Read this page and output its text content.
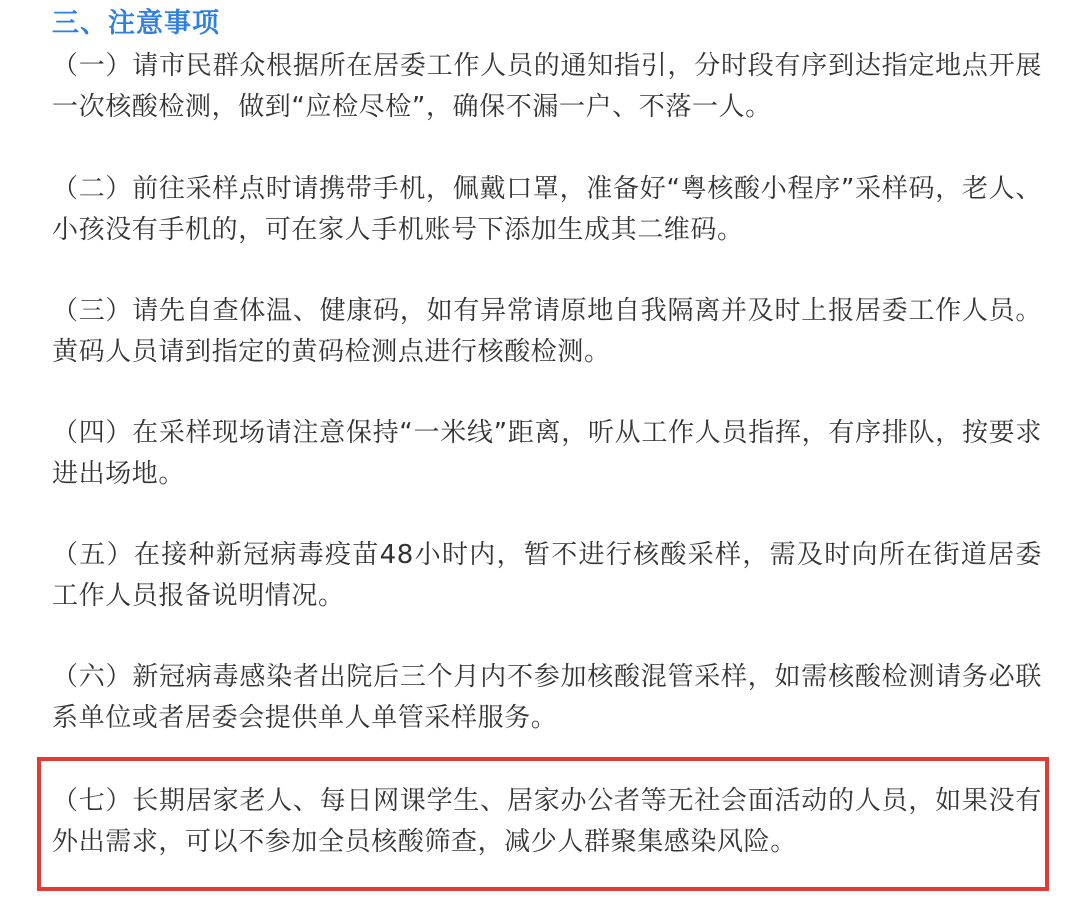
三、注意事项

（一）请市民群众根据所在居委工作人员的通知指引，分时段有序到达指定地点开展一次核酸检测，做到“应检尽检”，确保不漏一户、不落一人。

（二）前往采样点时请携带手机，佩戴口罩，准备好“粤核酸小程序”采样码，老人、小孩没有手机的，可在家人手机账号下添加生成其二维码。

（三）请先自查体温、健康码，如有异常请原地自我隔离并及时上报居委工作人员。黄码人员请到指定的黄码检测点进行核酸检测。

（四）在采样现场请注意保持“一米线”距离，听从工作人员指挥，有序排队，按要求进出场地。

（五）在接种新冠病毒疫苗48小时内，暂不进行核酸采样，需及时向所在街道居委工作人员报备说明情况。

（六）新冠病毒感染者出院后三个月内不参加核酸混管采样，如需核酸检测请务必联系单位或者居委会提供单人单管采样服务。

（七）长期居家老人、每日网课学生、居家办公者等无社会面活动的人员，如果没有外出需求，可以不参加全员核酸筛查，减少人群聚集感染风险。
